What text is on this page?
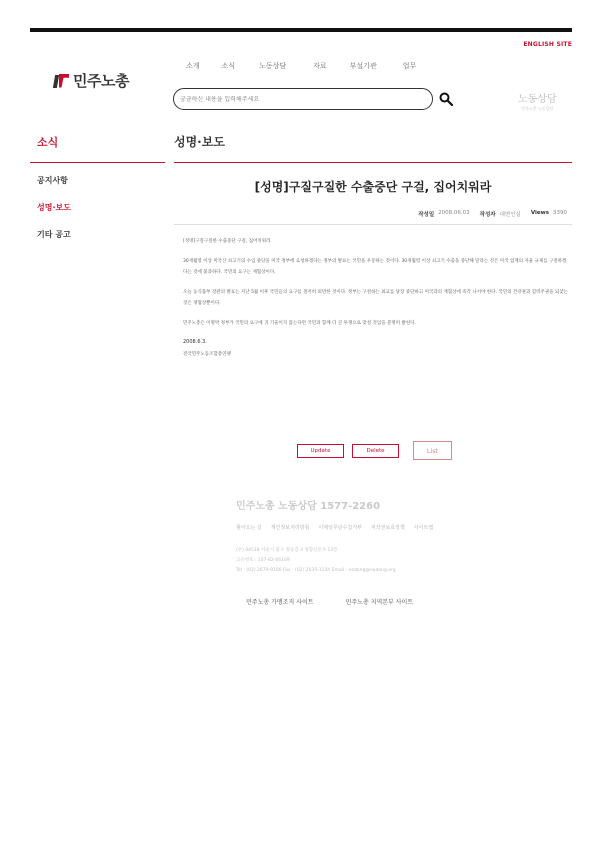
ENGLISH SITE
민주노총
소개	소식	노동상담	자료	부설기관	업무
궁금하신 내용을 입력해주세요
노동상담
민주노총 노동상담
소식
공지사항
성명·보도
기타 공고
성명·보도
[성명]구질구질한 수출중단 구걸, 집어치워라
작성일 2008.06.03 작성자 대변인실 Views 3390

[성명]구질구질한 수출중단 구걸, 집어치워라

30개월령 이상 미국산 쇠고기의 수입 중단을 미국 정부에 요청하겠다는 정부의 발표는 국민을 우롱하는 것이다. 30개월령 이상 쇠고기 수출을 중단해 달라는 것은 미국 업계의 자율 규제를 구걸하겠다는 것에 불과하다. 국민의 요구는 재협상이다.

오늘 농식품부 장관의 발표는 지난 5월 이후 국민들의 요구를 철저히 외면한 것이다. 정부는 구걸하는 외교를 당장 중단하고 미국과의 재협상에 즉각 나서야 한다. 국민의 건강권과 검역주권을 되찾는 것은 재협상뿐이다.

민주노총은 이명박 정부가 국민의 요구에 귀 기울이지 않는다면 국민과 함께 더 큰 투쟁으로 맞설 것임을 분명히 밝힌다.

2008.6.3.

전국민주노동조합총연맹

Update	Delete	List
민주노총 노동상담 1577-2260
찾아오는 길 개인정보처리방침 이메일무단수집거부 저작권보호정책 사이트맵
(우) 04518 서울시 중구 정동길 3 경향신문사 13층
고유번호 : 107-82-06109
Tel : (02) 2670-9100 Fax : (02) 2635-1134 Email : nodong@nodong.org
민주노총 가맹조직 사이트	민주노총 지역본부 사이트
